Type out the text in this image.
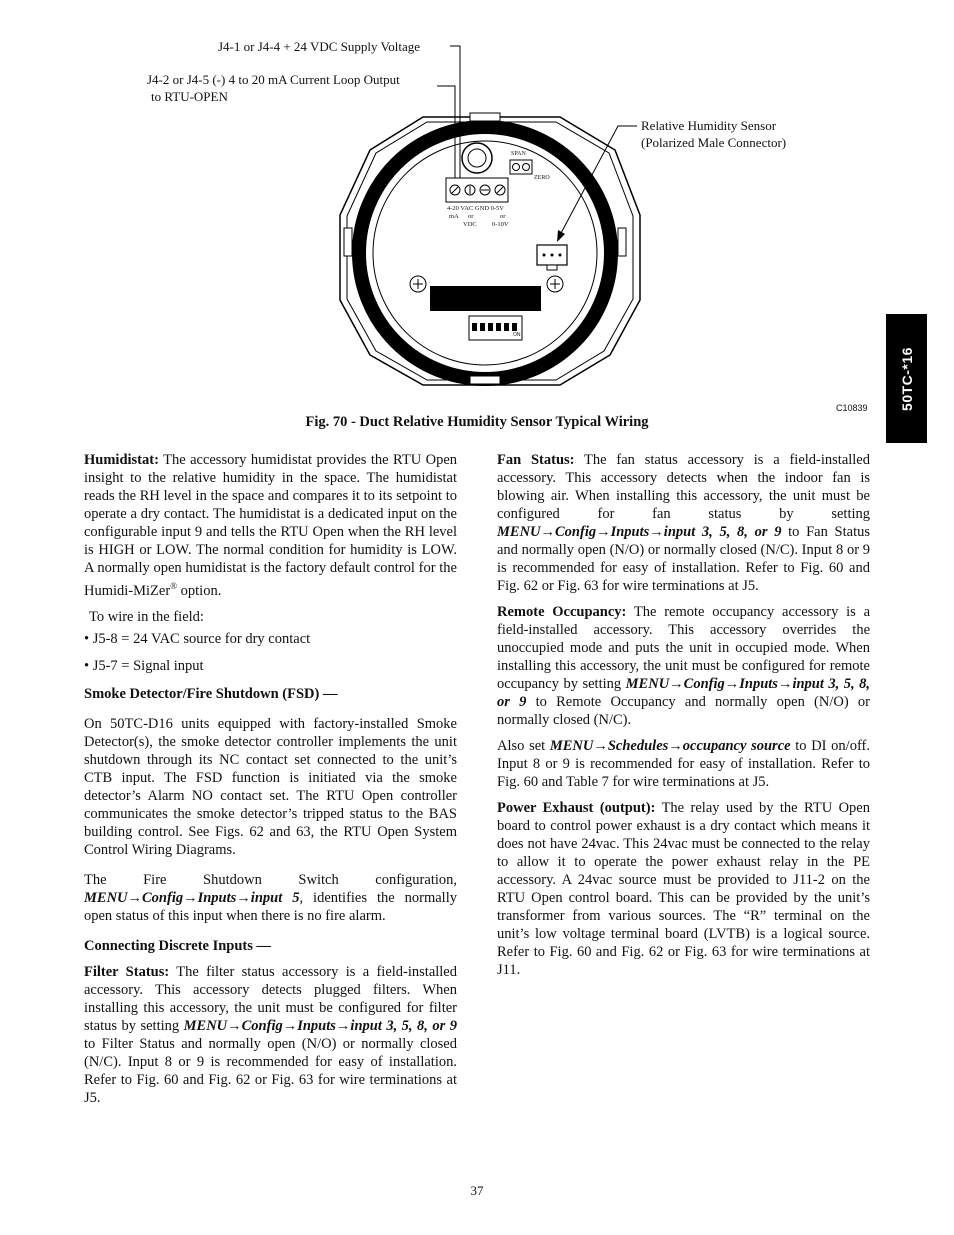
J4-1 or J4-4 + 24 VDC Supply Voltage
J4-2 or J4-5 (-) 4 to 20 mA Current Loop Output
to RTU-OPEN
Relative Humidity Sensor
(Polarized Male Connector)
SPAN
ZERO
4-20 VAC GND 0-5V
mA or	or
VDC 0-10V
ON
C10839
Fig. 70 - Duct Relative Humidity Sensor Typical Wiring
50TC-*16

Humidistat: The accessory humidistat provides the RTU Open insight to the relative humidity in the space. The humidistat reads the RH level in the space and compares it to its setpoint to operate a dry contact. The humidistat is a dedicated input on the configurable input 9 and tells the RTU Open when the RH level is HIGH or LOW. The normal condition for humidity is LOW. A normally open humidistat is the factory default control for the Humidi-MiZer® option.

To wire in the field:

• J5-8 = 24 VAC source for dry contact

• J5-7 = Signal input

Smoke Detector/Fire Shutdown (FSD) —

On 50TC-D16 units equipped with factory-installed Smoke Detector(s), the smoke detector controller implements the unit shutdown through its NC contact set connected to the unit’s CTB input. The FSD function is initiated via the smoke detector’s Alarm NO contact set. The RTU Open controller communicates the smoke detector’s tripped status to the BAS building control. See Figs. 62 and 63, the RTU Open System Control Wiring Diagrams.

The Fire Shutdown Switch configuration, MENU→Config→Inputs→input 5, identifies the normally open status of this input when there is no fire alarm.

Connecting Discrete Inputs —

Filter Status: The filter status accessory is a field-installed accessory. This accessory detects plugged filters. When installing this accessory, the unit must be configured for filter status by setting MENU→Config→Inputs→input 3, 5, 8, or 9 to Filter Status and normally open (N/O) or normally closed (N/C). Input 8 or 9 is recommended for easy of installation. Refer to Fig. 60 and Fig. 62 or Fig. 63 for wire terminations at J5.

Fan Status: The fan status accessory is a field-installed accessory. This accessory detects when the indoor fan is blowing air. When installing this accessory, the unit must be configured for fan status by setting MENU→Config→Inputs→input 3, 5, 8, or 9 to Fan Status and normally open (N/O) or normally closed (N/C). Input 8 or 9 is recommended for easy of installation. Refer to Fig. 60 and Fig. 62 or Fig. 63 for wire terminations at J5.

Remote Occupancy: The remote occupancy accessory is a field-installed accessory. This accessory overrides the unoccupied mode and puts the unit in occupied mode. When installing this accessory, the unit must be configured for remote occupancy by setting MENU→Config→Inputs→input 3, 5, 8, or 9 to Remote Occupancy and normally open (N/O) or normally closed (N/C).

Also set MENU→Schedules→occupancy source to DI on/off. Input 8 or 9 is recommended for easy of installation. Refer to Fig. 60 and Table 7 for wire terminations at J5.

Power Exhaust (output): The relay used by the RTU Open board to control power exhaust is a dry contact which means it does not have 24vac. This 24vac must be connected to the relay to allow it to operate the power exhaust relay in the PE accessory. A 24vac source must be provided to J11-2 on the RTU Open control board. This can be provided by the unit’s transformer from various sources. The “R” terminal on the unit’s low voltage terminal board (LVTB) is a logical source. Refer to Fig. 60 and Fig. 62 or Fig. 63 for wire terminations at J11.

37
